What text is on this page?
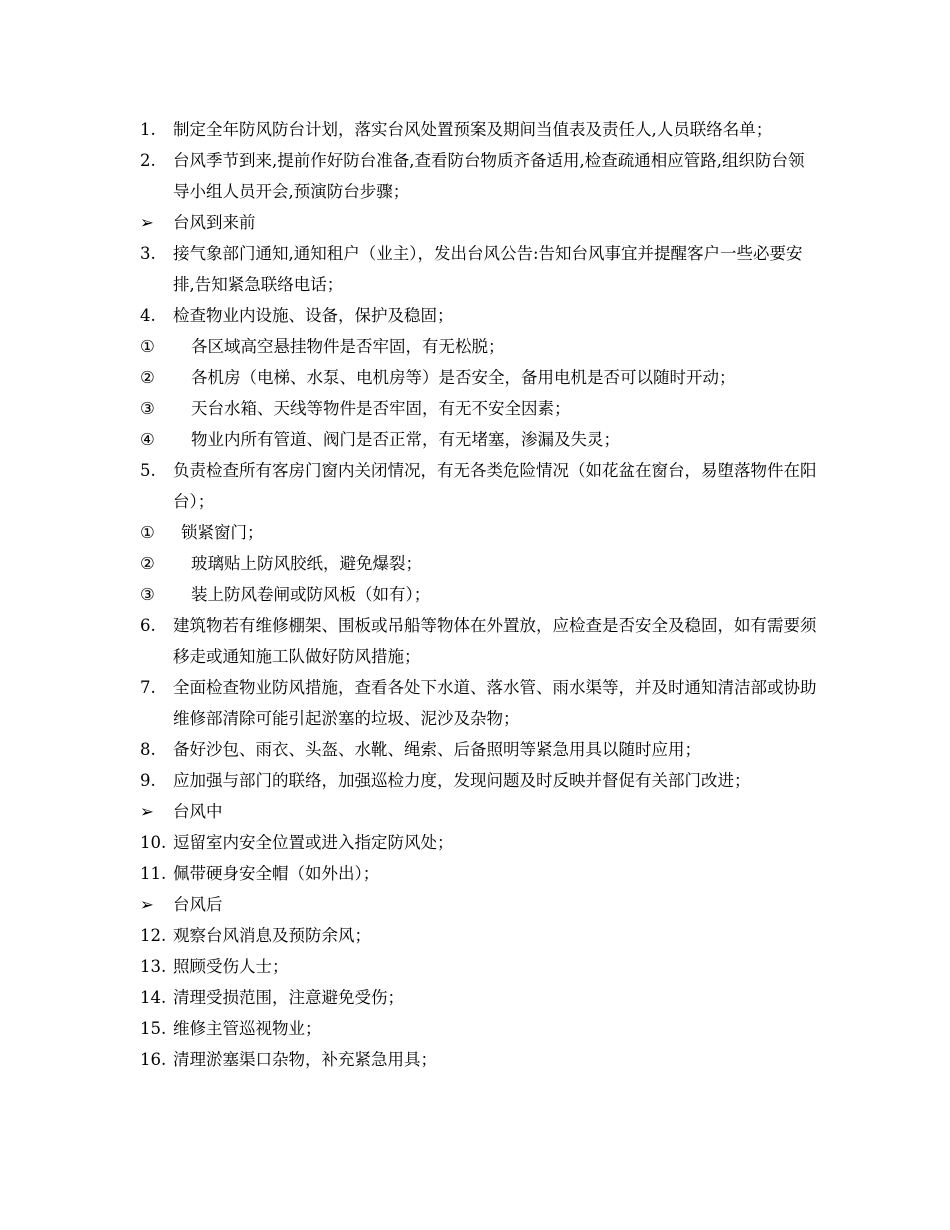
1.	制定全年防风防台计划，落实台风处置预案及期间当值表及责任人,人员联络名单；
2.	台风季节到来,提前作好防台准备,查看防台物质齐备适用,检查疏通相应管路,组织防台领导小组人员开会,预演防台步骤；
➢	台风到来前
3.	接气象部门通知,通知租户（业主），发出台风公告:告知台风事宜并提醒客户一些必要安排,告知紧急联络电话；
4.	检查物业内设施、设备，保护及稳固；
①	各区域高空悬挂物件是否牢固，有无松脱；
②	各机房（电梯、水泵、电机房等）是否安全，备用电机是否可以随时开动；
③	天台水箱、天线等物件是否牢固，有无不安全因素；
④	物业内所有管道、阀门是否正常，有无堵塞，渗漏及失灵；
5.	负责检查所有客房门窗内关闭情况，有无各类危险情况（如花盆在窗台，易堕落物件在阳台）；
①	锁紧窗门；
②	玻璃贴上防风胶纸，避免爆裂；
③	装上防风卷闸或防风板（如有）；
6.	建筑物若有维修棚架、围板或吊船等物体在外置放，应检查是否安全及稳固，如有需要须移走或通知施工队做好防风措施；
7.	全面检查物业防风措施，查看各处下水道、落水管、雨水渠等，并及时通知清洁部或协助维修部清除可能引起淤塞的垃圾、泥沙及杂物；
8.	备好沙包、雨衣、头盔、水靴、绳索、后备照明等紧急用具以随时应用；
9.	应加强与部门的联络，加强巡检力度，发现问题及时反映并督促有关部门改进；
➢	台风中
10. 逗留室内安全位置或进入指定防风处；
11. 佩带硬身安全帽（如外出）；
➢	台风后
12. 观察台风消息及预防余风；
13. 照顾受伤人士；
14. 清理受损范围，注意避免受伤；
15. 维修主管巡视物业；
16. 清理淤塞渠口杂物，补充紧急用具；
